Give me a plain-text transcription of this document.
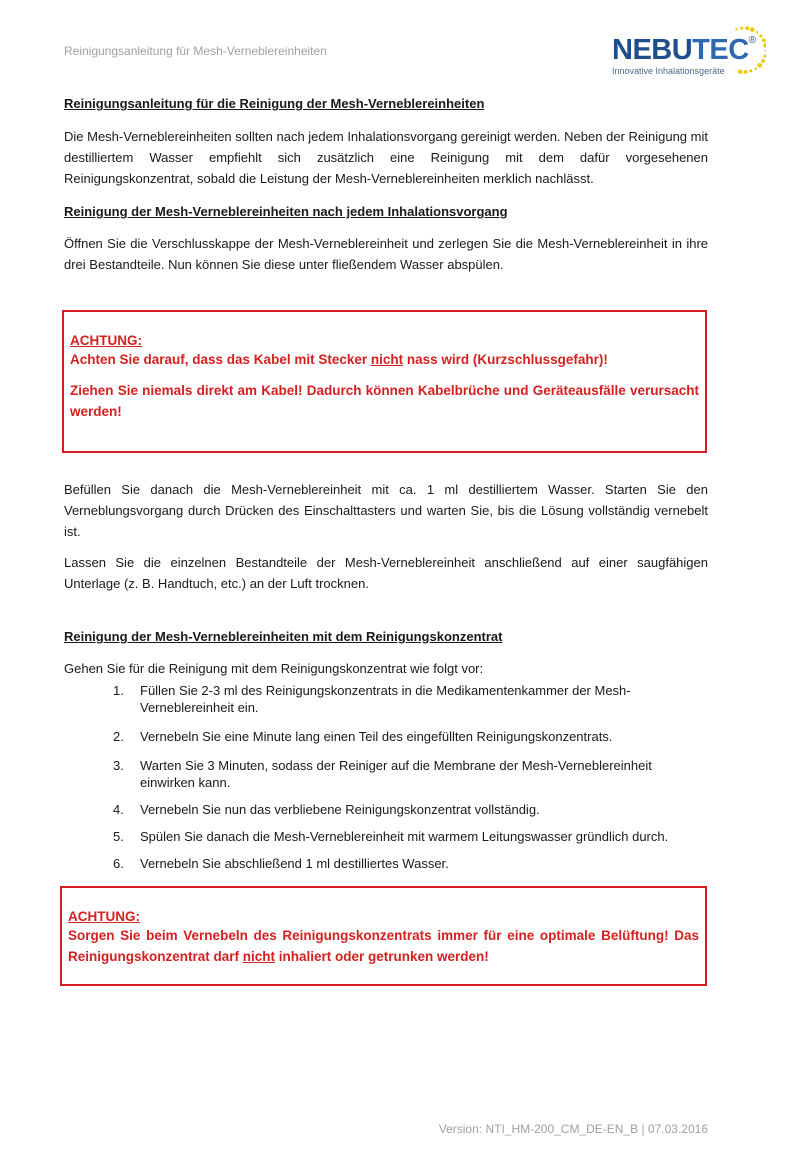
Reinigungsanleitung für Mesh-Verneblereinheiten	NEBUTEC®
Innovative Inhalationsgeräte
Reinigungsanleitung für die Reinigung der Mesh-Verneblereinheiten

Die Mesh-Verneblereinheiten sollten nach jedem Inhalationsvorgang gereinigt werden. Neben der Reinigung mit destilliertem Wasser empfiehlt sich zusätzlich eine Reinigung mit dem dafür vorgesehenen Reinigungskonzentrat, sobald die Leistung der Mesh-Verneblereinheiten merklich nachlässt.

Reinigung der Mesh-Verneblereinheiten nach jedem Inhalationsvorgang

Öffnen Sie die Verschlusskappe der Mesh-Verneblereinheit und zerlegen Sie die Mesh-Verneblereinheit in ihre drei Bestandteile. Nun können Sie diese unter fließendem Wasser abspülen.

ACHTUNG:
Achten Sie darauf, dass das Kabel mit Stecker nicht nass wird (Kurzschlussgefahr)!
Ziehen Sie niemals direkt am Kabel! Dadurch können Kabelbrüche und Geräteausfälle verursacht werden!

Befüllen Sie danach die Mesh-Verneblereinheit mit ca. 1 ml destilliertem Wasser. Starten Sie den Verneblungsvorgang durch Drücken des Einschalttasters und warten Sie, bis die Lösung vollständig vernebelt ist.

Lassen Sie die einzelnen Bestandteile der Mesh-Verneblereinheit anschließend auf einer saugfähigen Unterlage (z. B. Handtuch, etc.) an der Luft trocknen.

Reinigung der Mesh-Verneblereinheiten mit dem Reinigungskonzentrat

Gehen Sie für die Reinigung mit dem Reinigungskonzentrat wie folgt vor:

1. Füllen Sie 2-3 ml des Reinigungskonzentrats in die Medikamentenkammer der Mesh-Verneblereinheit ein.
2. Vernebeln Sie eine Minute lang einen Teil des eingefüllten Reinigungskonzentrats.
3. Warten Sie 3 Minuten, sodass der Reiniger auf die Membrane der Mesh-Verneblereinheit einwirken kann.
4. Vernebeln Sie nun das verbliebene Reinigungskonzentrat vollständig.
5. Spülen Sie danach die Mesh-Verneblereinheit mit warmem Leitungswasser gründlich durch.
6. Vernebeln Sie abschließend 1 ml destilliertes Wasser.
ACHTUNG:
Sorgen Sie beim Vernebeln des Reinigungskonzentrats immer für eine optimale Belüftung! Das Reinigungskonzentrat darf nicht inhaliert oder getrunken werden!
Version: NTI_HM-200_CM_DE-EN_B | 07.03.2016
